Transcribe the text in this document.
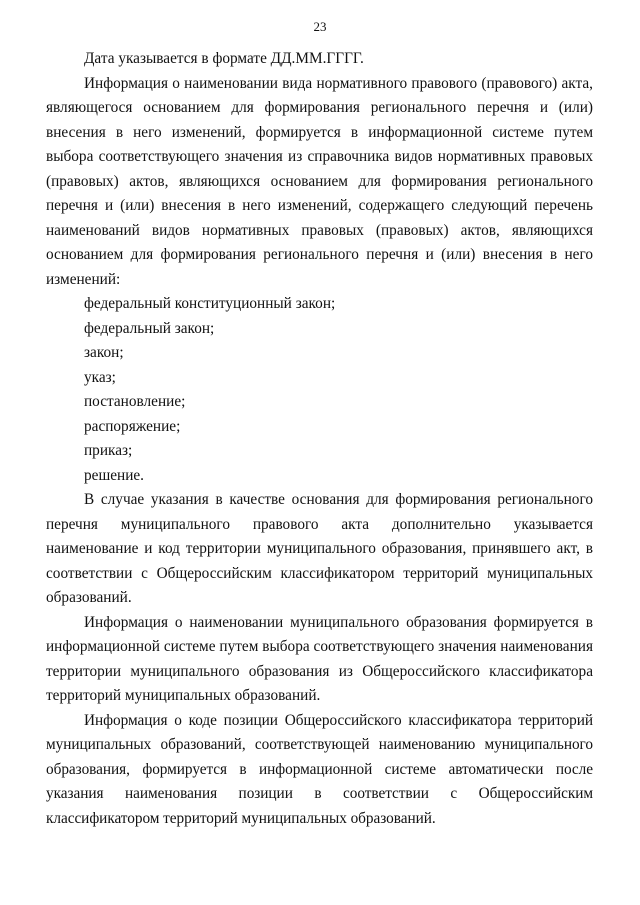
23

Дата указывается в формате ДД.ММ.ГГГГ.

Информация о наименовании вида нормативного правового (правового) акта, являющегося основанием для формирования регионального перечня и (или) внесения в него изменений, формируется в информационной системе путем выбора соответствующего значения из справочника видов нормативных правовых (правовых) актов, являющихся основанием для формирования регионального перечня и (или) внесения в него изменений, содержащего следующий перечень наименований видов нормативных правовых (правовых) актов, являющихся основанием для формирования регионального перечня и (или) внесения в него изменений:

федеральный конституционный закон;
федеральный закон;
закон;
указ;
постановление;
распоряжение;
приказ;
решение.

В случае указания в качестве основания для формирования регионального перечня муниципального правового акта дополнительно указывается наименование и код территории муниципального образования, принявшего акт, в соответствии с Общероссийским классификатором территорий муниципальных образований.

Информация о наименовании муниципального образования формируется в информационной системе путем выбора соответствующего значения наименования территории муниципального образования из Общероссийского классификатора территорий муниципальных образований.

Информация о коде позиции Общероссийского классификатора территорий муниципальных образований, соответствующей наименованию муниципального образования, формируется в информационной системе автоматически после указания наименования позиции в соответствии с Общероссийским классификатором территорий муниципальных образований.
